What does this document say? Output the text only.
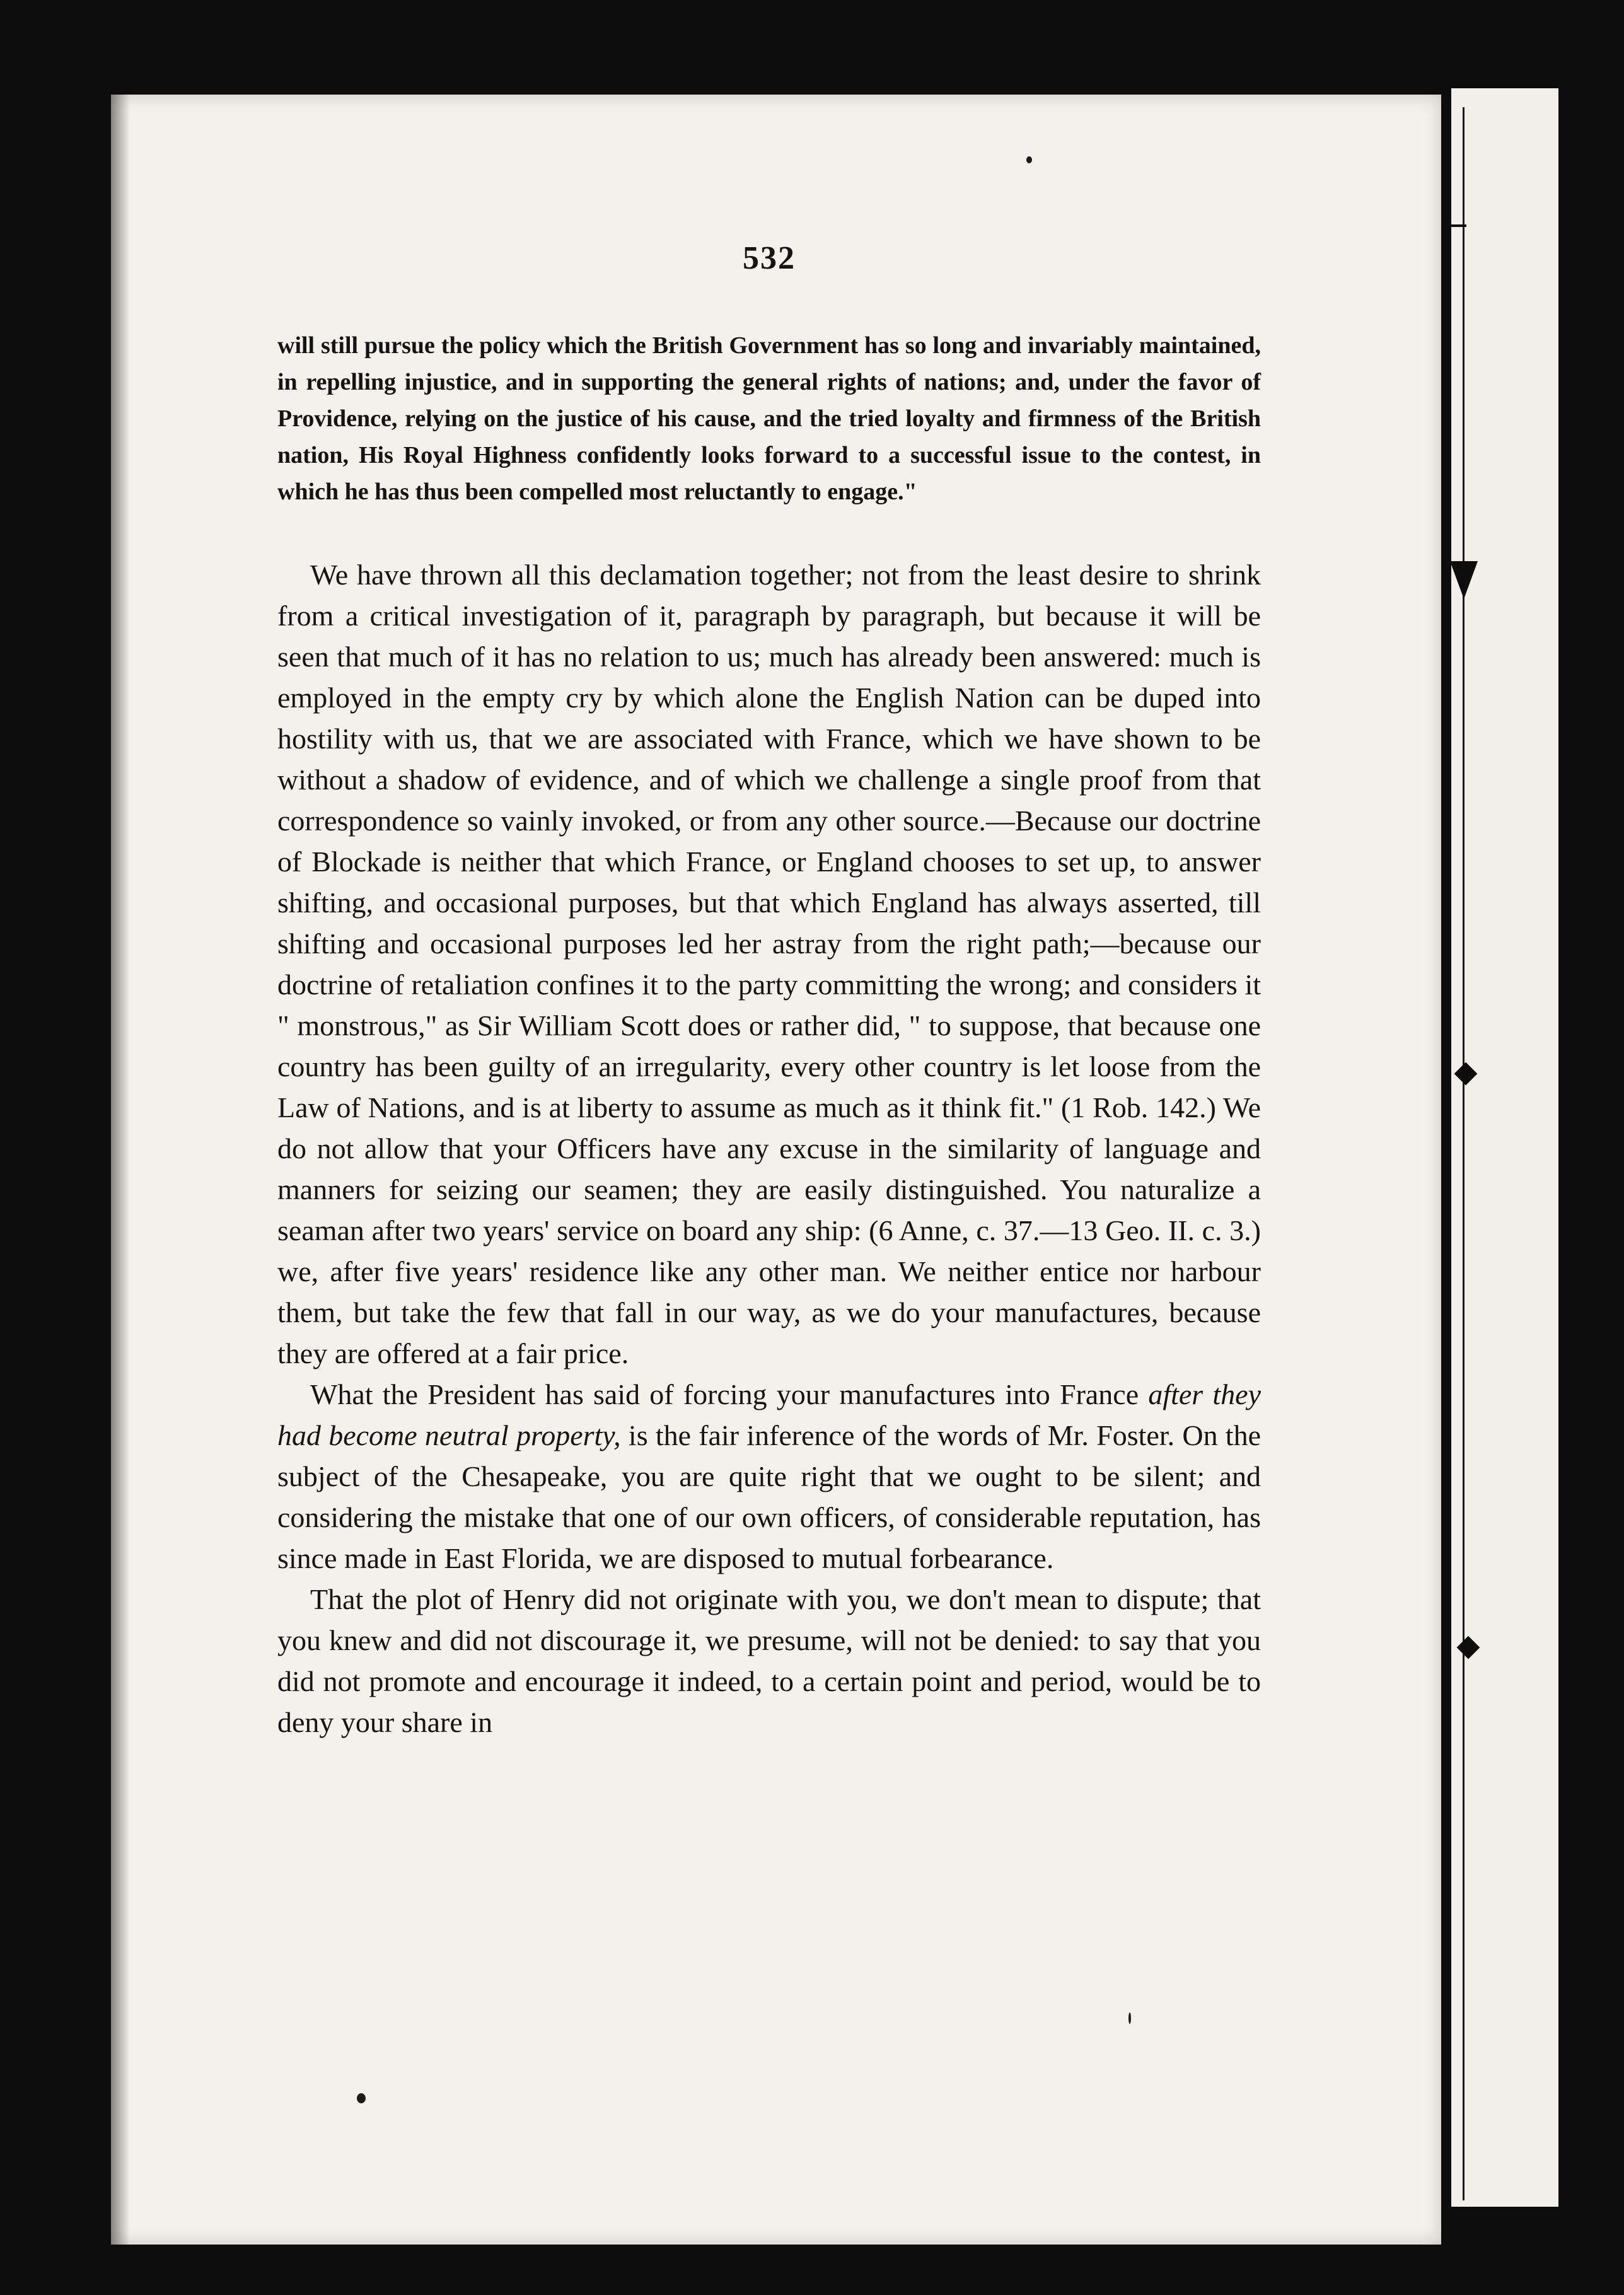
532

will still pursue the policy which the British Government has so long and invariably maintained, in repelling injustice, and in supporting the general rights of nations; and, under the favor of Providence, relying on the justice of his cause, and the tried loyalty and firmness of the British nation, His Royal Highness confidently looks forward to a successful issue to the contest, in which he has thus been compelled most reluctantly to engage."

We have thrown all this declamation together; not from the least desire to shrink from a critical investigation of it, paragraph by paragraph, but because it will be seen that much of it has no relation to us; much has already been answered: much is employed in the empty cry by which alone the English Nation can be duped into hostility with us, that we are associated with France, which we have shown to be without a shadow of evidence, and of which we challenge a single proof from that correspondence so vainly invoked, or from any other source.—Because our doctrine of Blockade is neither that which France, or England chooses to set up, to answer shifting, and occasional purposes, but that which England has always asserted, till shifting and occasional purposes led her astray from the right path;—because our doctrine of retaliation confines it to the party committing the wrong; and considers it " monstrous," as Sir William Scott does or rather did, " to suppose, that because one country has been guilty of an irregularity, every other country is let loose from the Law of Nations, and is at liberty to assume as much as it think fit." (1 Rob. 142.) We do not allow that your Officers have any excuse in the similarity of language and manners for seizing our seamen; they are easily distinguished. You naturalize a seaman after two years' service on board any ship: (6 Anne, c. 37.—13 Geo. II. c. 3.) we, after five years' residence like any other man. We neither entice nor harbour them, but take the few that fall in our way, as we do your manufactures, because they are offered at a fair price.

What the President has said of forcing your manufactures into France after they had become neutral property, is the fair inference of the words of Mr. Foster. On the subject of the Chesapeake, you are quite right that we ought to be silent; and considering the mistake that one of our own officers, of considerable reputation, has since made in East Florida, we are disposed to mutual forbearance.

That the plot of Henry did not originate with you, we don't mean to dispute; that you knew and did not discourage it, we presume, will not be denied: to say that you did not promote and encourage it indeed, to a certain point and period, would be to deny your share in
